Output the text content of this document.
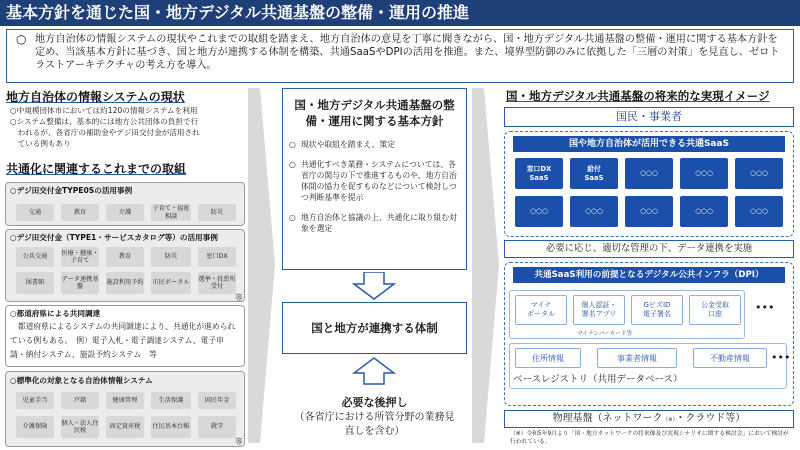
基本方針を通じた国・地方デジタル共通基盤の整備・運用の推進
○ 地方自治体の情報システムの現状やこれまでの取組を踏まえ、地方自治体の意見を丁寧に聞きながら、国・地方デジタル共通基盤の整備・運用に関する基本方針を定め、当該基本方針に基づき、国と地方が連携する体制を構築、共通SaaSやDPIの活用を推進。また、境界型防御のみに依拠した「三層の対策」を見直し、ゼロトラストアーキテクチャの考え方を導入。
地方自治体の情報システムの現状
○中規模団体市においては約120の情報システムを利用
○システム整備は、基本的には地方公共団体の負担で行
　われるが、各省庁の補助金やデジ田交付金が活用され
　ている例もあり
共通化に関連するこれまでの取組
○デジ田交付金TYPE0Sの活用事例
交通	教育	介護
子育て・福祉相談
防災
○デジ田交付金（TYPE1・サービスカタログ等）の活用事例
公共交通
医療・健康・子育て
教育	防災	窓口DX
図書館
データ連携基盤
施設利用予約 市民ポータル
選挙・投票所受付
等
○都道府県による共同調達
　都道府県によるシステムの共同調達により、共通化が進められ
ている例もある。　例）電子入札・電子調達システム、電子申
請・納付システム、施設予約システム　等
○標準化の対象となる自治体情報システム
児童手当	戸籍	健康管理	生活保護	国民年金
介護保険
個人・法人住民税
固定資産税	住民基本台帳	就学
等
国・地方デジタル共通基盤の整備・運用に関する基本方針
○ 現状や取組を踏まえ、策定
○ 共通化すべき業務・システムについては、各省庁の関与の下で推進するものや、地方自治体間の協力を促すものなどについて検討しつつ判断基準を提示
○ 地方自治体と協議の上、共通化に取り組む対象を選定
国と地方が連携する体制
必要な後押し
（各省庁における所管分野の業務見直しを含む）
国・地方デジタル共通基盤の将来的な実現イメージ
国民・事業者
国や地方自治体が活用できる共通SaaS
窓口DX
SaaS
給付
SaaS
○○○	○○○	○○○
○○○	○○○	○○○	○○○	○○○
必要に応じ、適切な管理の下、データ連携を実施
共通SaaS利用の前提となるデジタル公共インフラ（DPI）
マイナ
ポータル
個人認証・
署名アプリ
GビズID
電子署名
公金受取
口座	•••
マイナンバーカード等
住所情報	事業者情報	不動産情報	•••
ベースレジストリ（共用データベース）
物理基盤（ネットワーク（※）・クラウド等）
（※）令和5年9月より「国・地方ネットワークの将来像及び実現シナリオに関する検討会」において検討が行われている。
